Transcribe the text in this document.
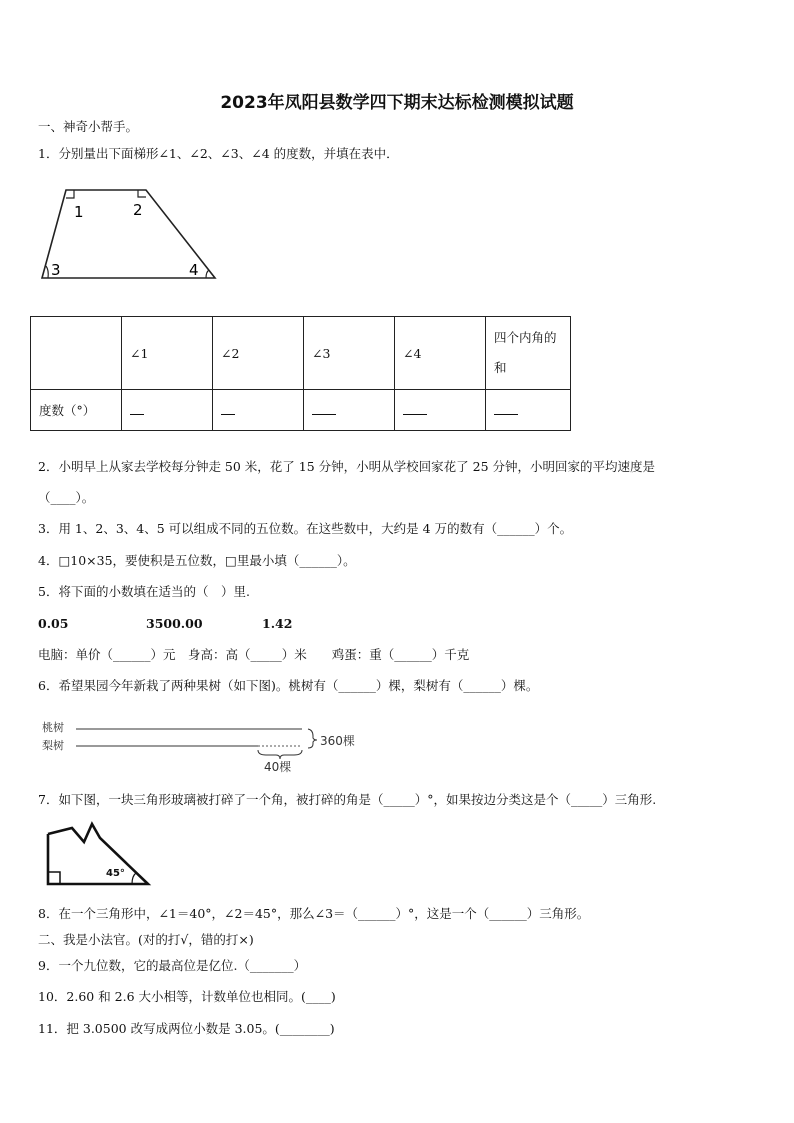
2023年凤阳县数学四下期末达标检测模拟试题
一、神奇小帮手。
1．分别量出下面梯形∠1、∠2、∠3、∠4 的度数，并填在表中．
1	2
3	4
	∠1	∠2	∠3	∠4	四个内角的
和

度数（°）					
2．小明早上从家去学校每分钟走 50 米，花了 15 分钟，小明从学校回家花了 25 分钟，小明回家的平均速度是
（____）。
3．用 1、2、3、4、5 可以组成不同的五位数。在这些数中，大约是 4 万的数有（______）个。
4．□10×35，要使积是五位数，□里最小填（______）。
5．将下面的小数填在适当的（　）里.
0.05	3500.00	1.42
电脑：单价（______）元　身高：高（_____）米　　鸡蛋：重（______）千克
6．希望果园今年新栽了两种果树（如下图)。桃树有（______）棵，梨树有（______）棵。
桃树
梨树	360棵
40棵
7．如下图，一块三角形玻璃被打碎了一个角，被打碎的角是（_____）°，如果按边分类这是个（_____）三角形.
45°
8．在一个三角形中，∠1＝40°，∠2＝45°，那么∠3＝（______）°，这是一个（______）三角形。
二、我是小法官。(对的打√，错的打×)
9．一个九位数，它的最高位是亿位.（_______）
10．2.60 和 2.6 大小相等，计数单位也相同。(____)
11．把 3.0500 改写成两位小数是 3.05。(________)
